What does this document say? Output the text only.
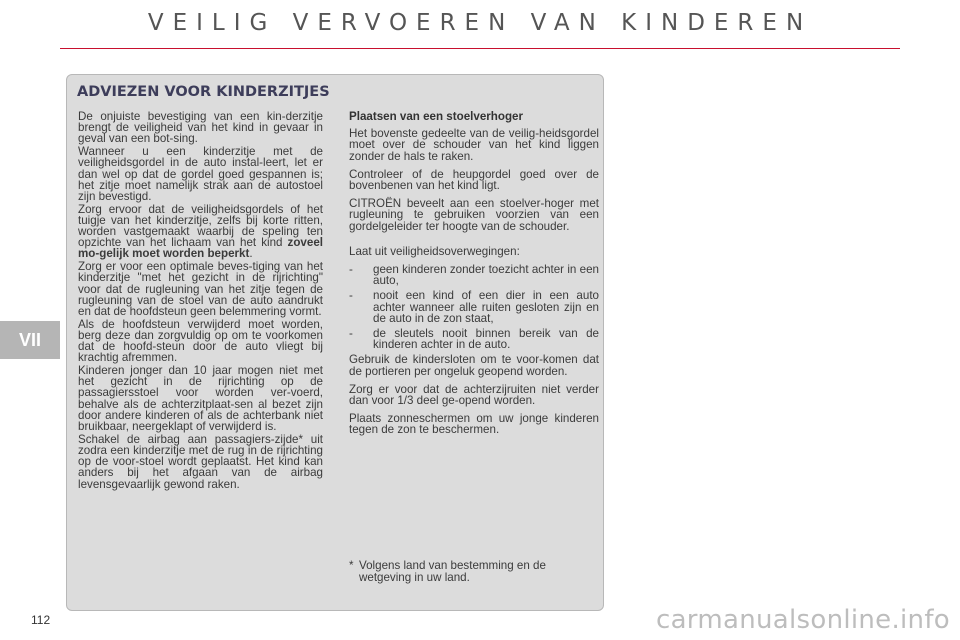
VEILIG VERVOEREN VAN KINDEREN
VII
112	carmanualsonline.info
ADVIEZEN VOOR KINDERZITJES

De onjuiste bevestiging van een kin-derzitje brengt de veiligheid van het kind in gevaar in geval van een bot-sing.

Wanneer u een kinderzitje met de veiligheidsgordel in de auto instal-leert, let er dan wel op dat de gordel goed gespannen is; het zitje moet namelijk strak aan de autostoel zijn bevestigd.

Zorg ervoor dat de veiligheidsgordels of het tuigje van het kinderzitje, zelfs bij korte ritten, worden vastgemaakt waarbij de speling ten opzichte van het lichaam van het kind zoveel mo-gelijk moet worden beperkt.

Zorg er voor een optimale beves-tiging van het kinderzitje "met het gezicht in de rijrichting" voor dat de rugleuning van het zitje tegen de rugleuning van de stoel van de auto aandrukt en dat de hoofdsteun geen belemmering vormt.

Als de hoofdsteun verwijderd moet worden, berg deze dan zorgvuldig op om te voorkomen dat de hoofd-steun door de auto vliegt bij krachtig afremmen.

Kinderen jonger dan 10 jaar mogen niet met het gezicht in de rijrichting op de passagiersstoel voor worden ver-voerd, behalve als de achterzitplaat-sen al bezet zijn door andere kinderen of als de achterbank niet bruikbaar, neergeklapt of verwijderd is.

Schakel de airbag aan passagiers-zijde* uit zodra een kinderzitje met de rug in de rijrichting op de voor-stoel wordt geplaatst. Het kind kan anders bij het afgaan van de airbag levensgevaarlijk gewond raken.

Plaatsen van een stoelverhoger

Het bovenste gedeelte van de veilig-heidsgordel moet over de schouder van het kind liggen zonder de hals te raken.

Controleer of de heupgordel goed over de bovenbenen van het kind ligt.

CITROËN beveelt aan een stoelver-hoger met rugleuning te gebruiken voorzien van een gordelgeleider ter hoogte van de schouder.

Laat uit veiligheidsoverwegingen:

-	geen kinderen zonder toezicht achter in een auto,
-	nooit een kind of een dier in een auto achter wanneer alle ruiten gesloten zijn en de auto in de zon staat,
-	de sleutels nooit binnen bereik van de kinderen achter in de auto.

Gebruik de kindersloten om te voor-komen dat de portieren per ongeluk geopend worden.

Zorg er voor dat de achterzijruiten niet verder dan voor 1/3 deel ge-opend worden.

Plaats zonneschermen om uw jonge kinderen tegen de zon te beschermen.

* Volgens land van bestemming en de wetgeving in uw land.
